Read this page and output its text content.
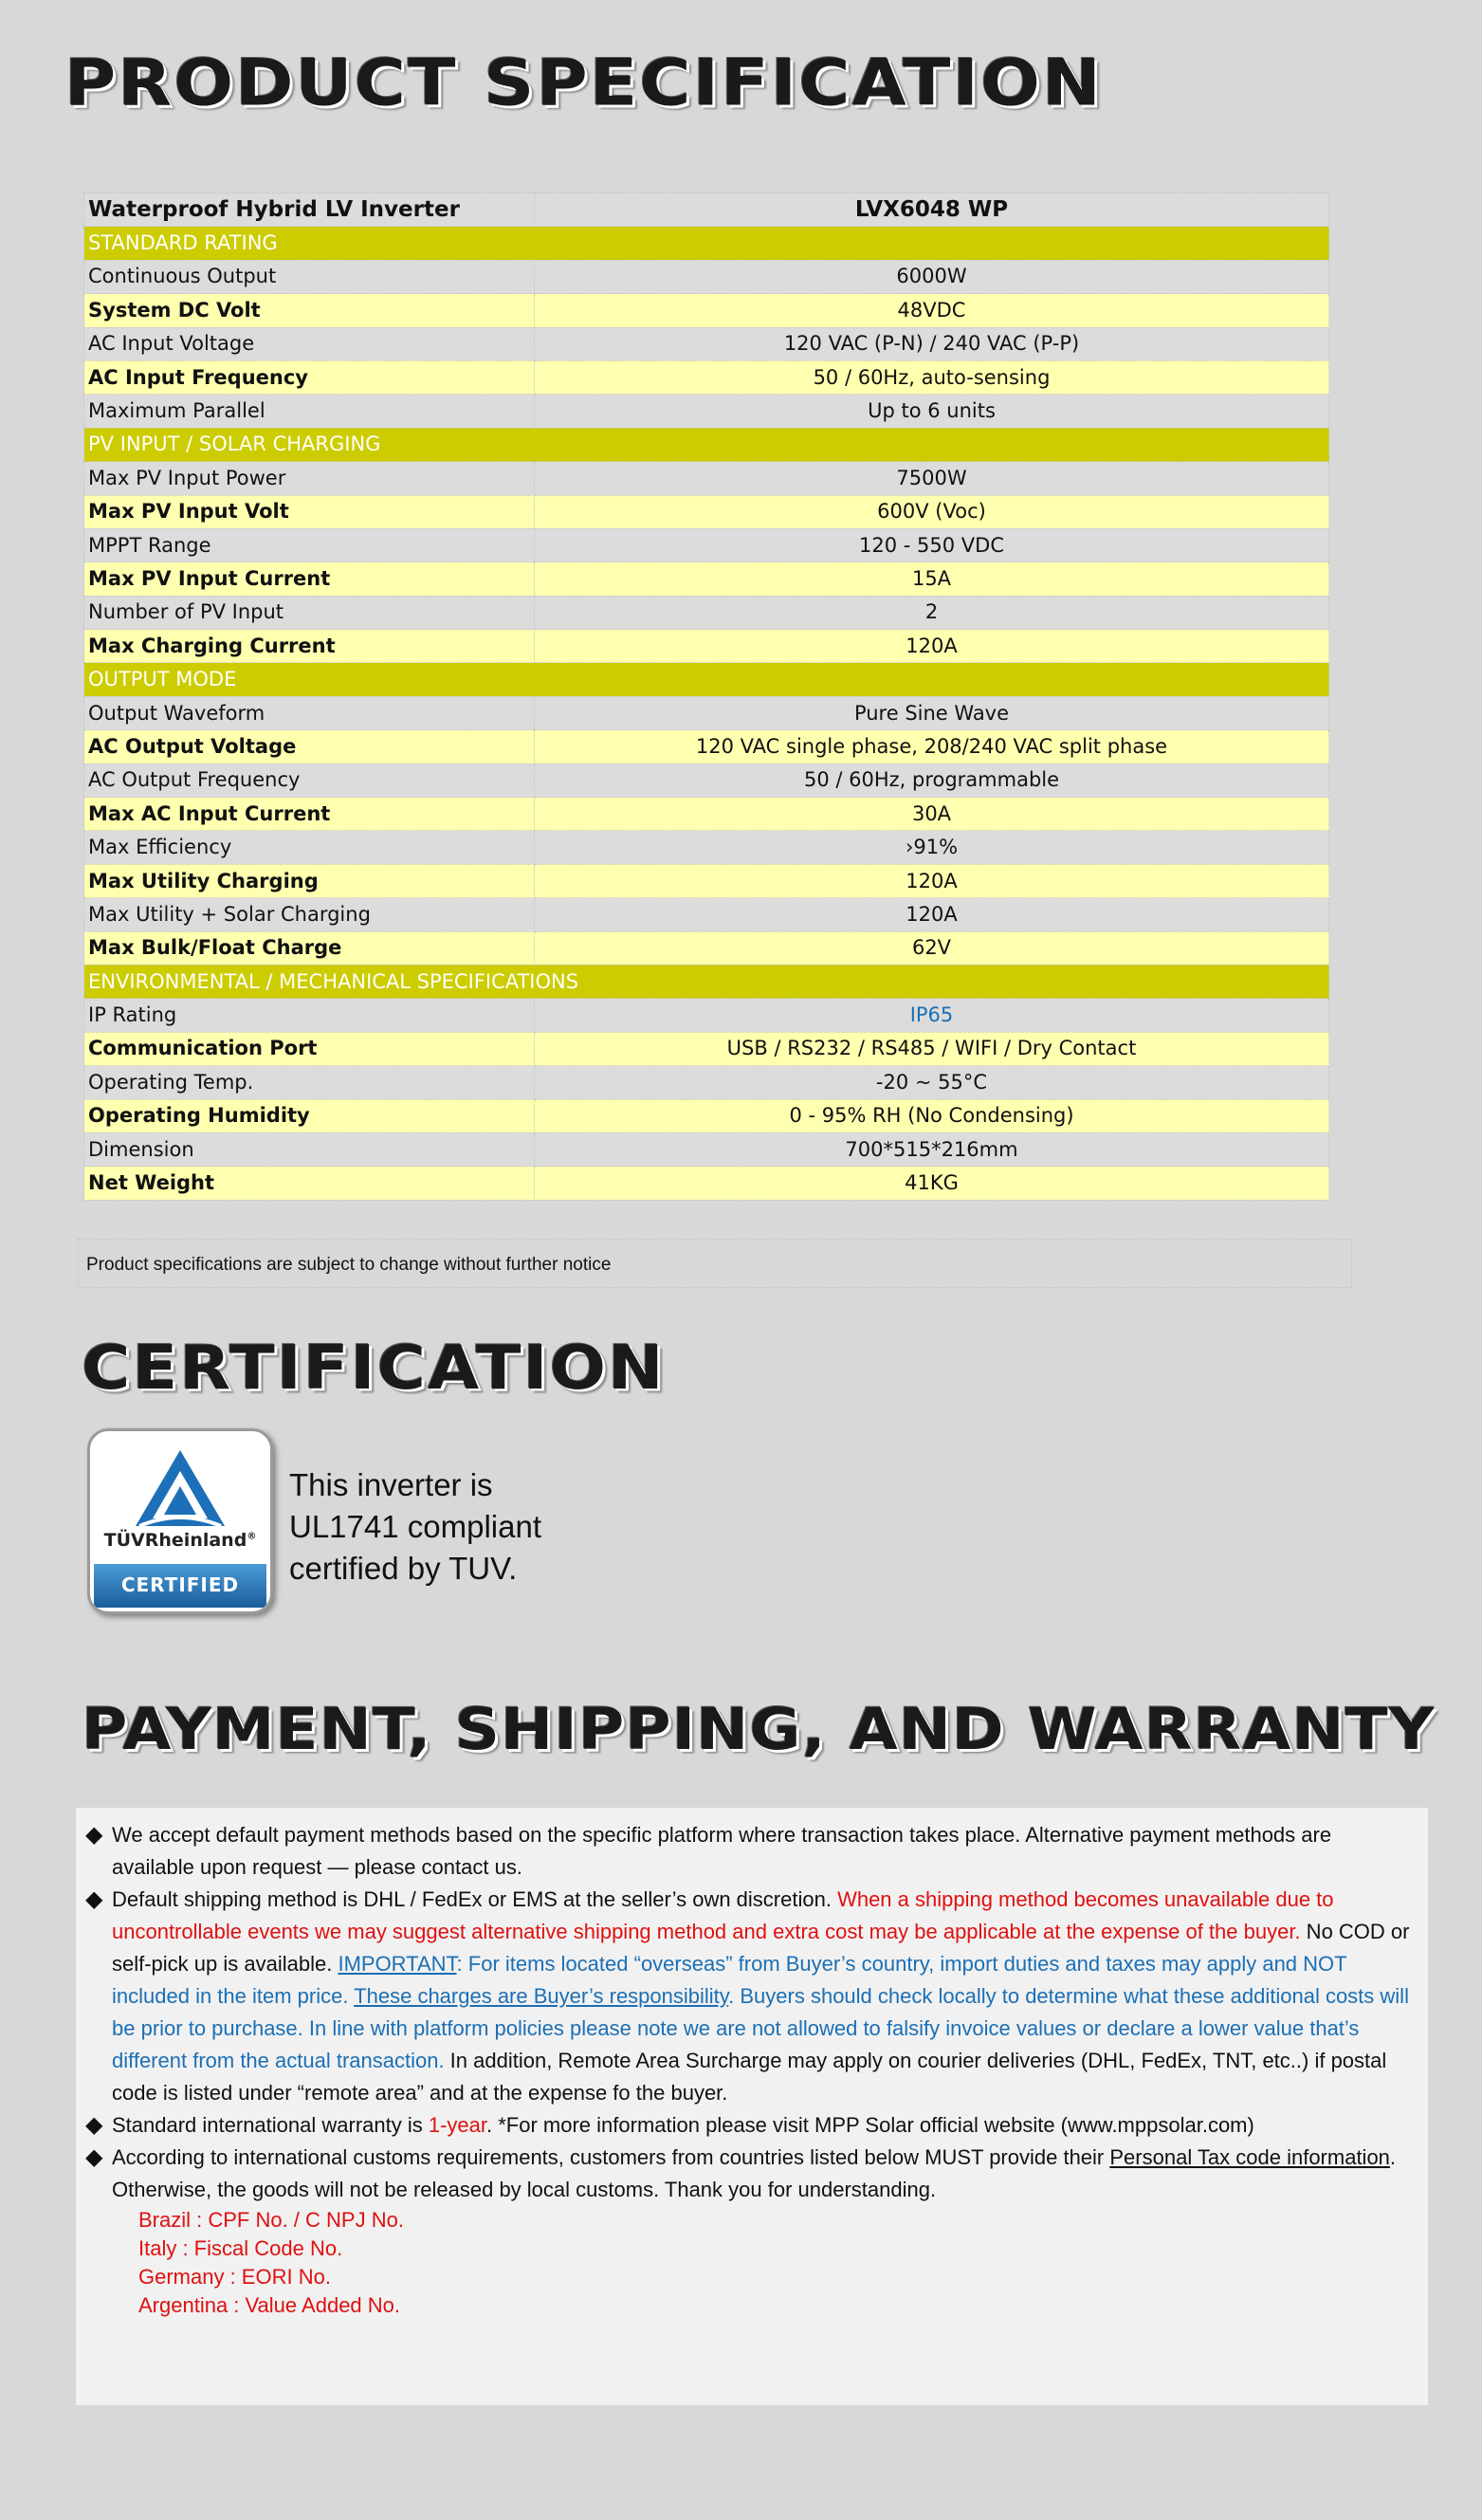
PRODUCT SPECIFICATION
Waterproof Hybrid LV Inverter	LVX6048 WP
STANDARD RATING	
Continuous Output	6000W
System DC Volt	48VDC
AC Input Voltage	120 VAC (P-N) / 240 VAC (P-P)
AC Input Frequency	50 / 60Hz, auto-sensing
Maximum Parallel	Up to 6 units
PV INPUT / SOLAR CHARGING	
Max PV Input Power	7500W
Max PV Input Volt	600V (Voc)
MPPT Range	120 - 550 VDC
Max PV Input Current	15A
Number of PV Input	2
Max Charging Current	120A
OUTPUT MODE	
Output Waveform	Pure Sine Wave
AC Output Voltage	120 VAC single phase, 208/240 VAC split phase
AC Output Frequency	50 / 60Hz, programmable
Max AC Input Current	30A
Max Efficiency	›91%
Max Utility Charging	120A
Max Utility + Solar Charging	120A
Max Bulk/Float Charge	62V
ENVIRONMENTAL / MECHANICAL SPECIFICATIONS	
IP Rating	IP65
Communication Port	USB / RS232 / RS485 / WIFI / Dry Contact
Operating Temp.	-20 ~ 55°C
Operating Humidity	0 - 95% RH (No Condensing)
Dimension	700*515*216mm
Net Weight	41KG
Product specifications are subject to change without further notice
CERTIFICATION
TÜVRheinland®
CERTIFIED
This inverter is
UL1741 compliant
certified by TUV.
PAYMENT, SHIPPING, AND WARRANTY
◆ We accept default payment methods based on the specific platform where transaction takes place. Alternative payment methods are available upon request — please contact us.
◆ Default shipping method is DHL / FedEx or EMS at the seller’s own discretion. When a shipping method becomes unavailable due to uncontrollable events we may suggest alternative shipping method and extra cost may be applicable at the expense of the buyer. No COD or self-pick up is available. IMPORTANT: For items located “overseas” from Buyer’s country, import duties and taxes may apply and NOT included in the item price. These charges are Buyer’s responsibility. Buyers should check locally to determine what these additional costs will be prior to purchase. In line with platform policies please note we are not allowed to falsify invoice values or declare a lower value that’s different from the actual transaction. In addition, Remote Area Surcharge may apply on courier deliveries (DHL, FedEx, TNT, etc..) if postal code is listed under “remote area” and at the expense fo the buyer.
◆ Standard international warranty is 1-year. *For more information please visit MPP Solar official website (www.mppsolar.com)
◆ According to international customs requirements, customers from countries listed below MUST provide their Personal Tax code information. Otherwise, the goods will not be released by local customs. Thank you for understanding.
Brazil : CPF No. / C NPJ No.
Italy : Fiscal Code No.
Germany : EORI No.
Argentina : Value Added No.
